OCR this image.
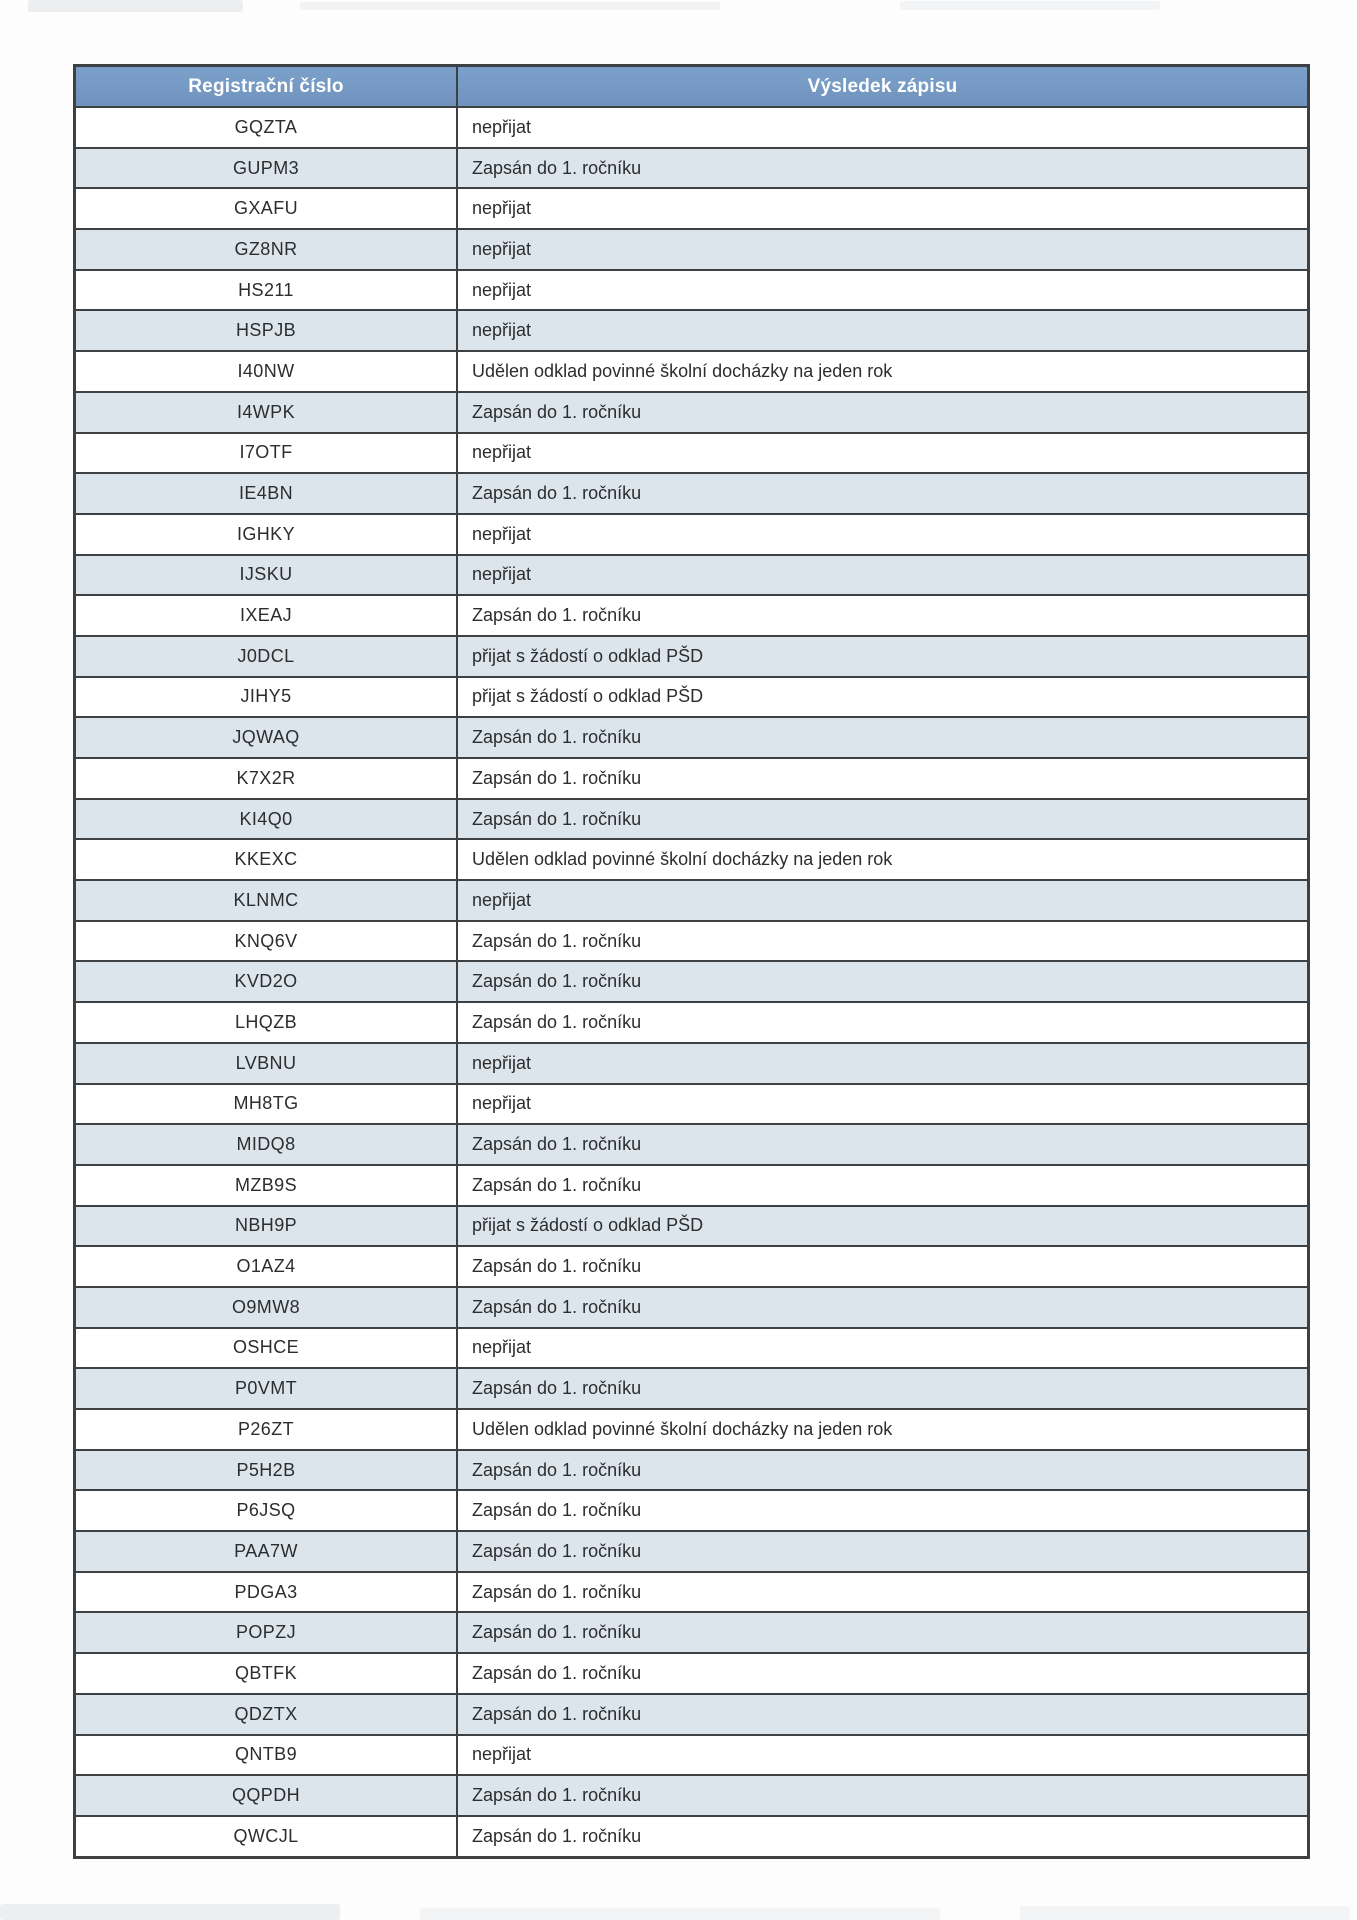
Registrační číslo	Výsledek zápisu
GQZTA	nepřijat
GUPM3	Zapsán do 1. ročníku
GXAFU	nepřijat
GZ8NR	nepřijat
HS211	nepřijat
HSPJB	nepřijat
I40NW	Udělen odklad povinné školní docházky na jeden rok
I4WPK	Zapsán do 1. ročníku
I7OTF	nepřijat
IE4BN	Zapsán do 1. ročníku
IGHKY	nepřijat
IJSKU	nepřijat
IXEAJ	Zapsán do 1. ročníku
J0DCL	přijat s žádostí o odklad PŠD
JIHY5	přijat s žádostí o odklad PŠD
JQWAQ	Zapsán do 1. ročníku
K7X2R	Zapsán do 1. ročníku
KI4Q0	Zapsán do 1. ročníku
KKEXC	Udělen odklad povinné školní docházky na jeden rok
KLNMC	nepřijat
KNQ6V	Zapsán do 1. ročníku
KVD2O	Zapsán do 1. ročníku
LHQZB	Zapsán do 1. ročníku
LVBNU	nepřijat
MH8TG	nepřijat
MIDQ8	Zapsán do 1. ročníku
MZB9S	Zapsán do 1. ročníku
NBH9P	přijat s žádostí o odklad PŠD
O1AZ4	Zapsán do 1. ročníku
O9MW8	Zapsán do 1. ročníku
OSHCE	nepřijat
P0VMT	Zapsán do 1. ročníku
P26ZT	Udělen odklad povinné školní docházky na jeden rok
P5H2B	Zapsán do 1. ročníku
P6JSQ	Zapsán do 1. ročníku
PAA7W	Zapsán do 1. ročníku
PDGA3	Zapsán do 1. ročníku
POPZJ	Zapsán do 1. ročníku
QBTFK	Zapsán do 1. ročníku
QDZTX	Zapsán do 1. ročníku
QNTB9	nepřijat
QQPDH	Zapsán do 1. ročníku
QWCJL	Zapsán do 1. ročníku
